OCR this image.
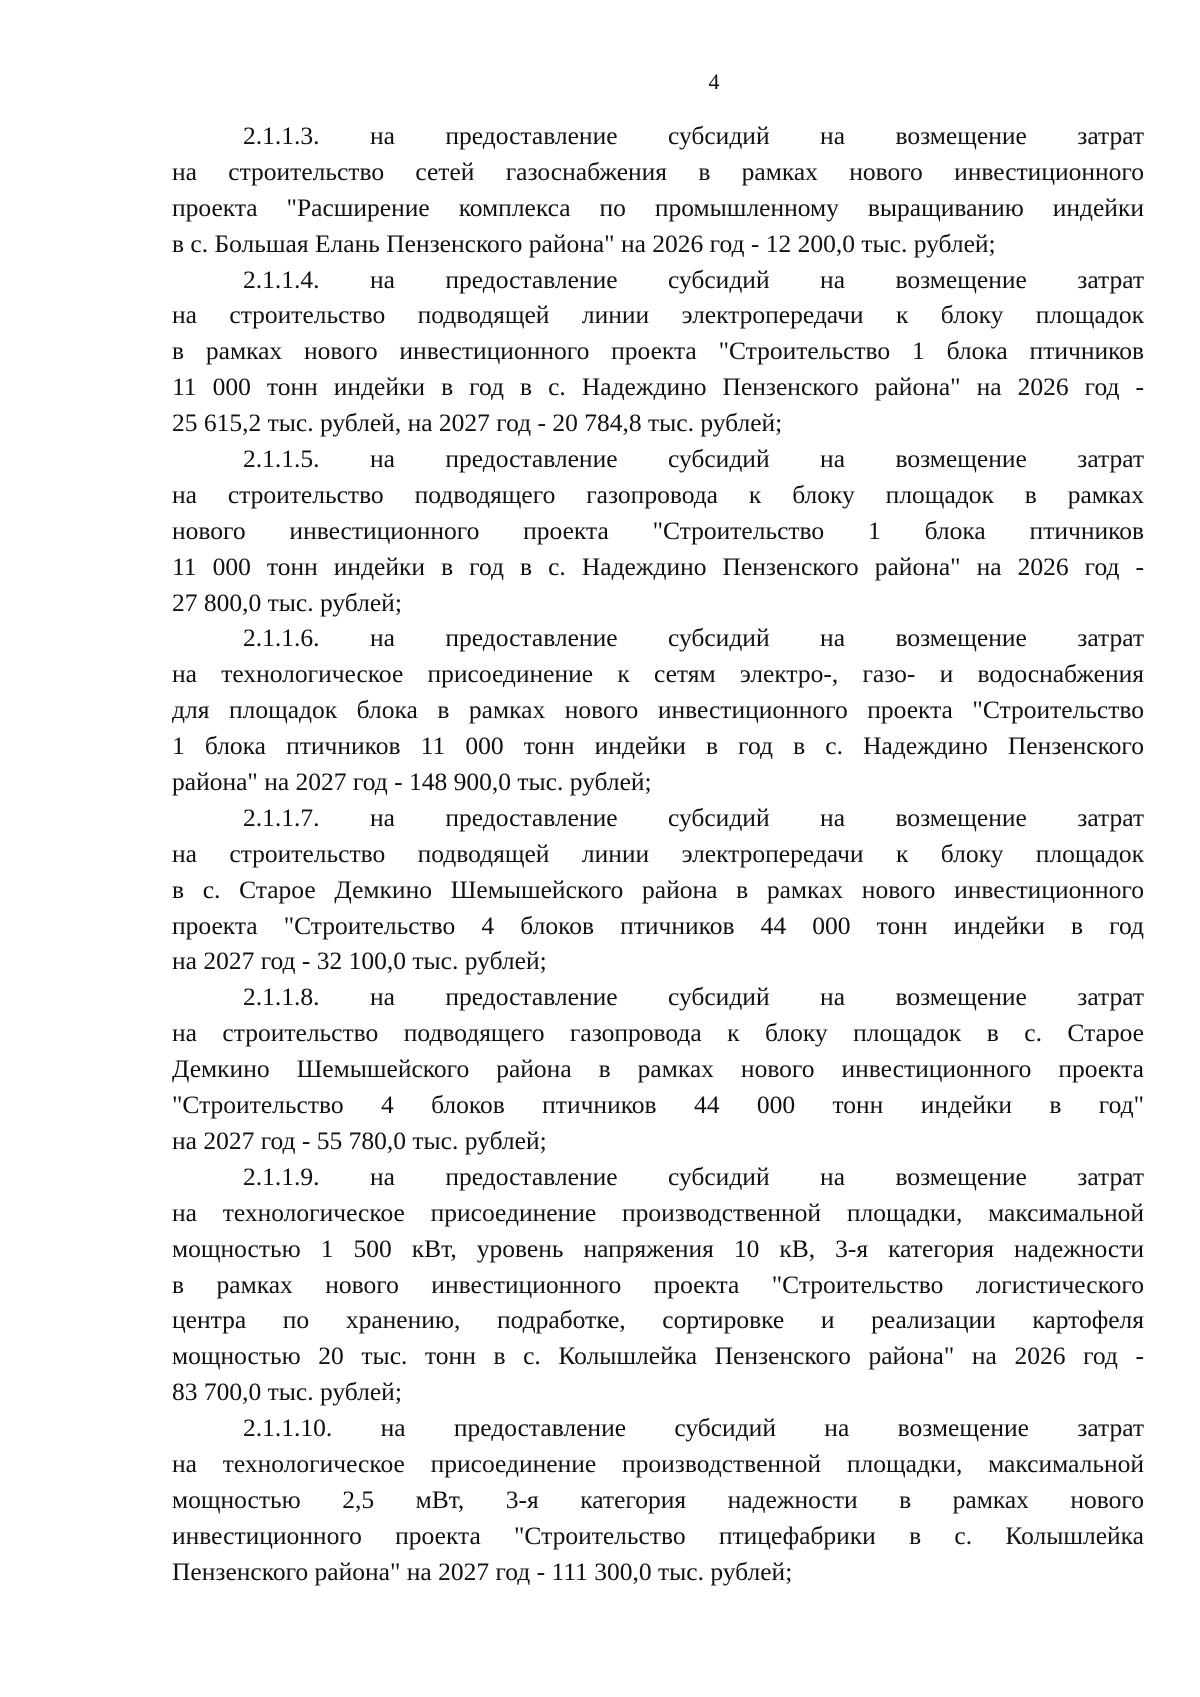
4
2.1.1.3. на предоставление субсидий на возмещение затрат
на строительство сетей газоснабжения в рамках нового инвестиционного
проекта "Расширение комплекса по промышленному выращиванию индейки
в с. Большая Елань Пензенского района" на 2026 год - 12 200,0 тыс. рублей;
2.1.1.4. на предоставление субсидий на возмещение затрат
на строительство подводящей линии электропередачи к блоку площадок
в рамках нового инвестиционного проекта "Строительство 1 блока птичников
11 000 тонн индейки в год в с. Надеждино Пензенского района" на 2026 год -
25 615,2 тыс. рублей, на 2027 год - 20 784,8 тыс. рублей;
2.1.1.5. на предоставление субсидий на возмещение затрат
на строительство подводящего газопровода к блоку площадок в рамках
нового инвестиционного проекта "Строительство 1 блока птичников
11 000 тонн индейки в год в с. Надеждино Пензенского района" на 2026 год -
27 800,0 тыс. рублей;
2.1.1.6. на предоставление субсидий на возмещение затрат
на технологическое присоединение к сетям электро-, газо- и водоснабжения
для площадок блока в рамках нового инвестиционного проекта "Строительство
1 блока птичников 11 000 тонн индейки в год в с. Надеждино Пензенского
района" на 2027 год - 148 900,0 тыс. рублей;
2.1.1.7. на предоставление субсидий на возмещение затрат
на строительство подводящей линии электропередачи к блоку площадок
в с. Старое Демкино Шемышейского района в рамках нового инвестиционного
проекта "Строительство 4 блоков птичников 44 000 тонн индейки в год
на 2027 год - 32 100,0 тыс. рублей;
2.1.1.8. на предоставление субсидий на возмещение затрат
на строительство подводящего газопровода к блоку площадок в с. Старое
Демкино Шемышейского района в рамках нового инвестиционного проекта
"Строительство 4 блоков птичников 44 000 тонн индейки в год"
на 2027 год - 55 780,0 тыс. рублей;
2.1.1.9. на предоставление субсидий на возмещение затрат
на технологическое присоединение производственной площадки, максимальной
мощностью 1 500 кВт, уровень напряжения 10 кВ, 3-я категория надежности
в рамках нового инвестиционного проекта "Строительство логистического
центра по хранению, подработке, сортировке и реализации картофеля
мощностью 20 тыс. тонн в с. Колышлейка Пензенского района" на 2026 год -
83 700,0 тыс. рублей;
2.1.1.10. на предоставление субсидий на возмещение затрат
на технологическое присоединение производственной площадки, максимальной
мощностью 2,5 мВт, 3-я категория надежности в рамках нового
инвестиционного проекта "Строительство птицефабрики в с. Колышлейка
Пензенского района" на 2027 год - 111 300,0 тыс. рублей;
